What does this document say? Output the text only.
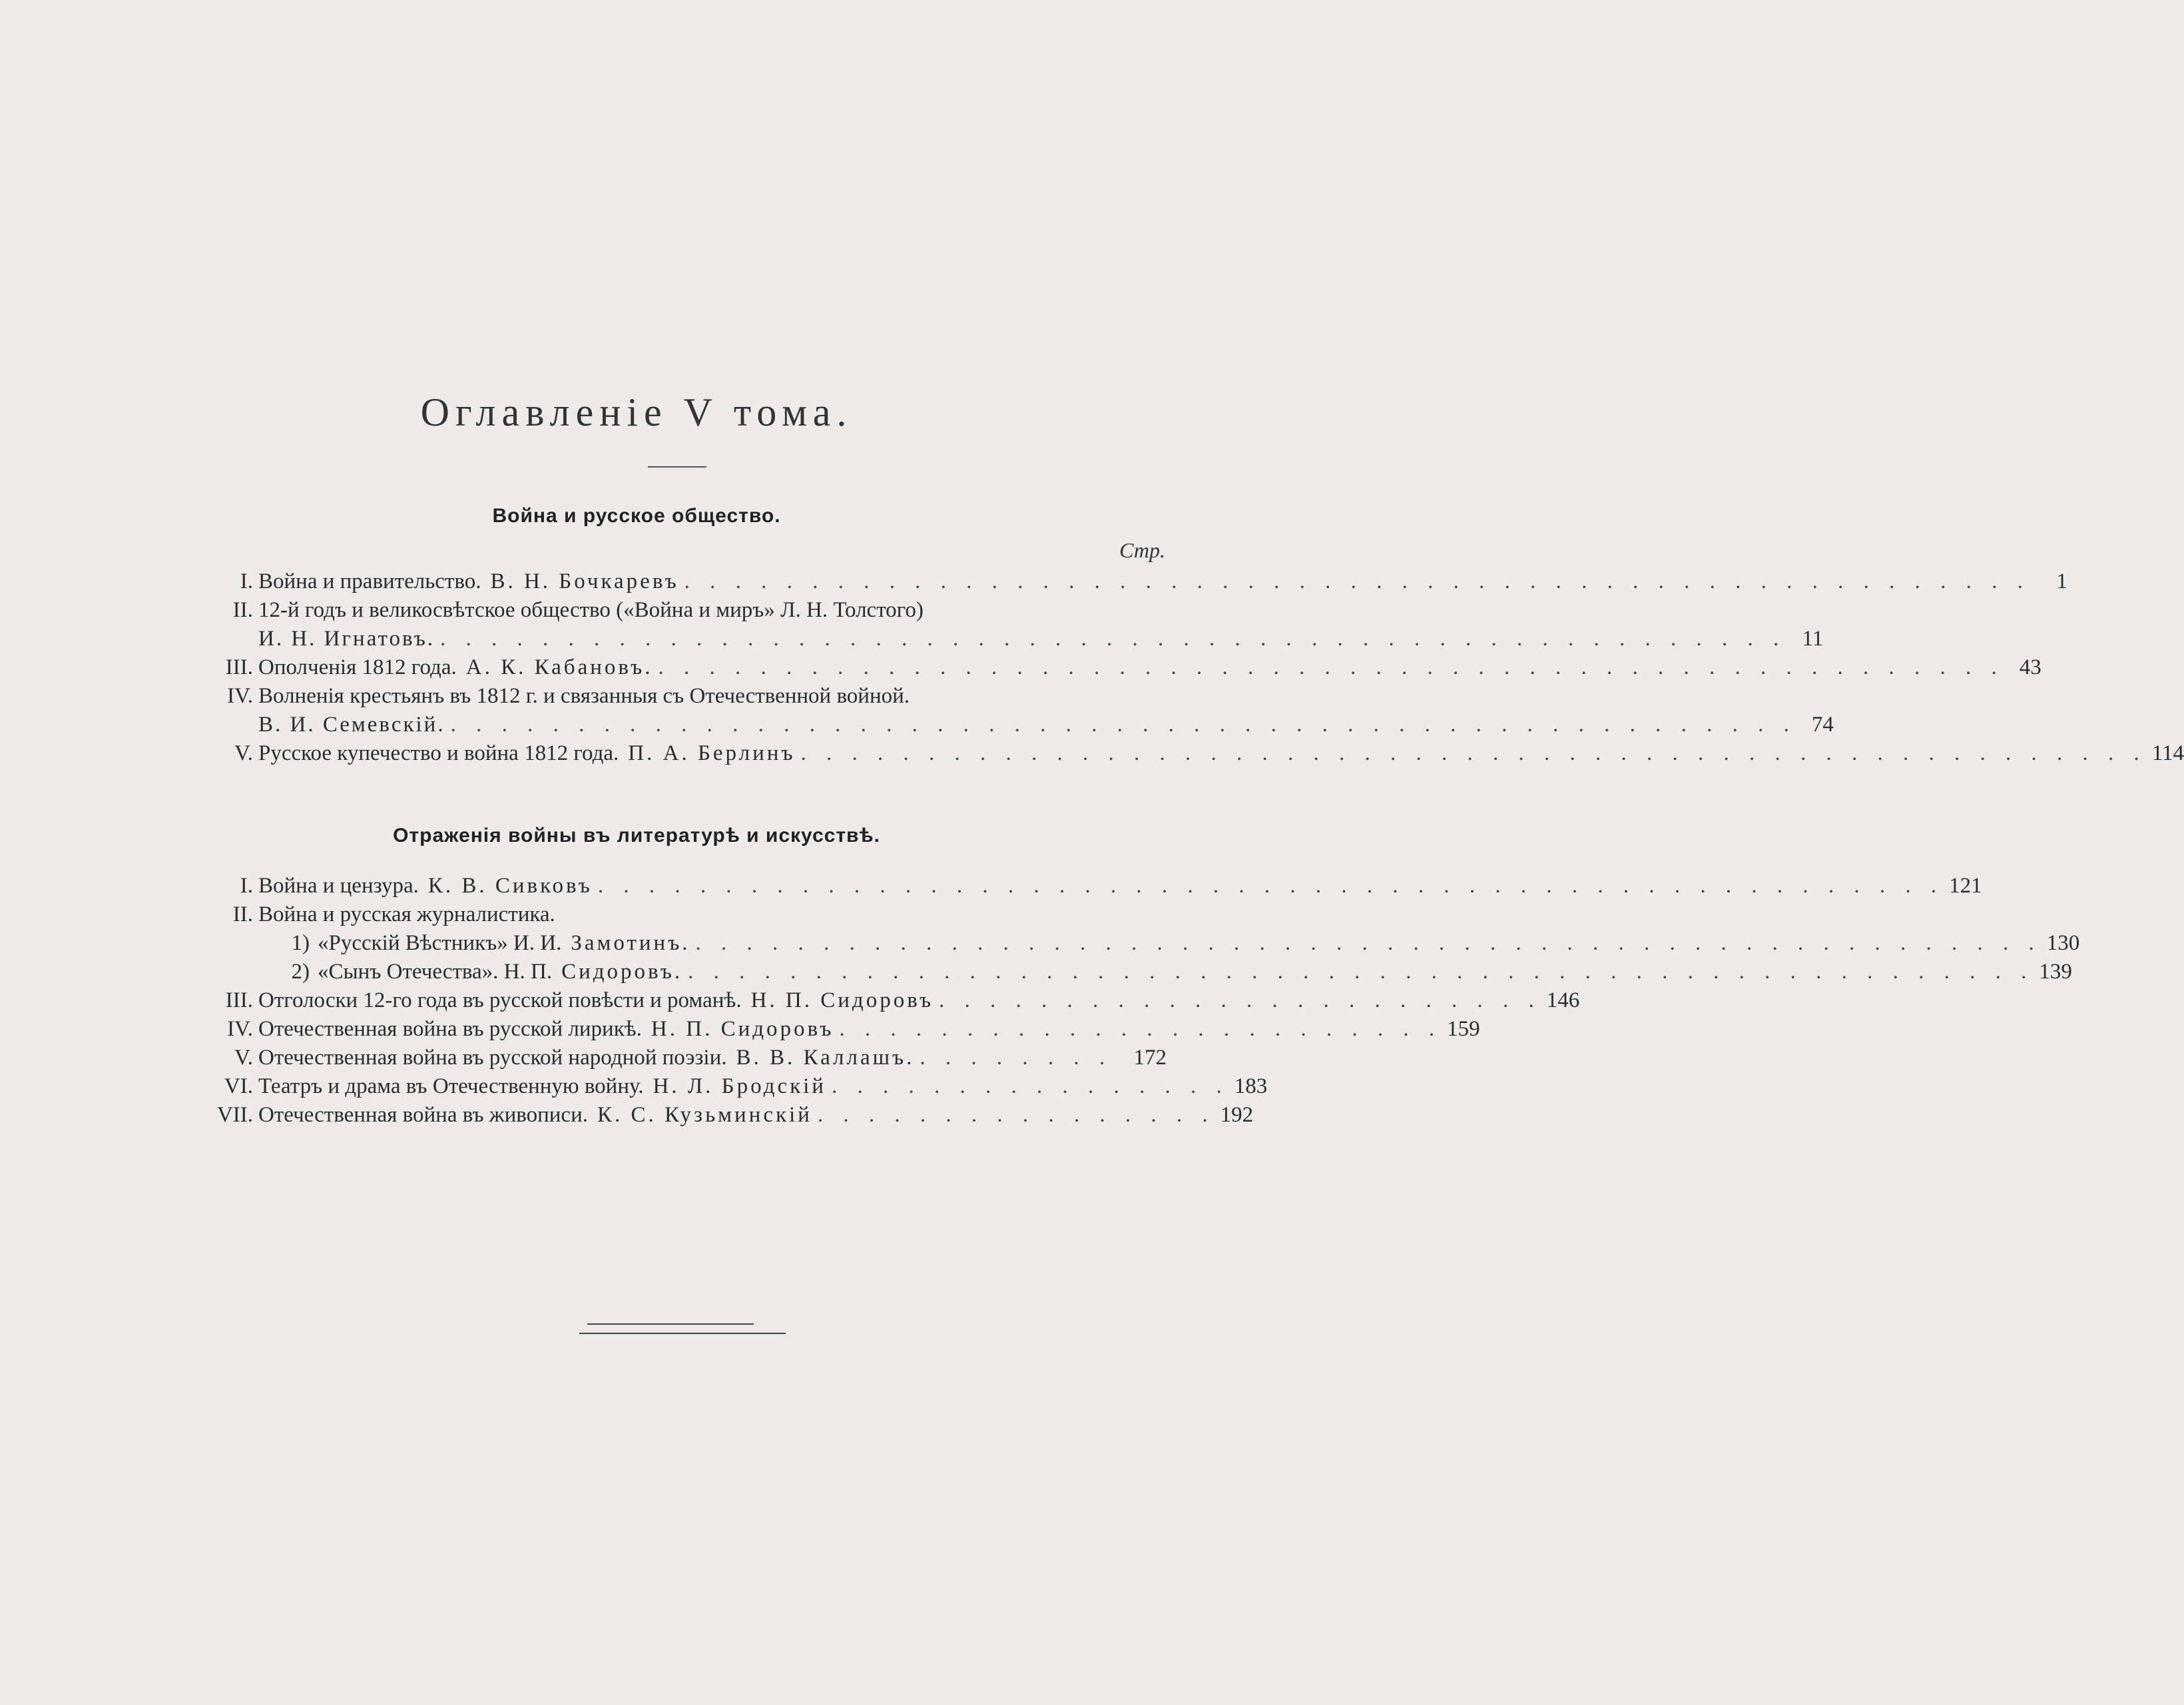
Оглавленіе V тома.
Война и русское общество.
Стр.
I. Война и правительство. В. Н. Бочкаревъ . . . . . . . . . . . . . . . . . . . . . . . . . . . . . . . . . . . . . . . . . . . . . . . . . . . . .	1
II. 12-й годъ и великосвѣтское общество («Война и миръ» Л. Н. Толстого)
И. Н. Игнатовъ. . . . . . . . . . . . . . . . . . . . . . . . . . . . . . . . . . . . . . . . . . . . . . . . . . . . . . 11
III. Ополченія 1812 года. А. К. Кабановъ. . . . . . . . . . . . . . . . . . . . . . . . . . . . . . . . . . . . . . . . . . . . . . . . . . . . . . 43
IV. Волненія крестьянъ въ 1812 г. и связанныя съ Отечественной войной.
В. И. Семевскій. . . . . . . . . . . . . . . . . . . . . . . . . . . . . . . . . . . . . . . . . . . . . . . . . . . . . . 74
V. Русское купечество и война 1812 года. П. А. Берлинъ . . . . . . . . . . . . . . . . . . . . . . . . . . . . . . . . . . . . . . . . . . . . . . . . . . . . . 114
Отраженія войны въ литературѣ и искусствѣ.
I. Война и цензура. К. В. Сивковъ . . . . . . . . . . . . . . . . . . . . . . . . . . . . . . . . . . . . . . . . . . . . . . . . . . . . . 121
II. Война и русская журналистика.
1) «Русскій Вѣстникъ» И. И. Замотинъ. . . . . . . . . . . . . . . . . . . . . . . . . . . . . . . . . . . . . . . . . . . . . . . . . . . . . . 130
2) «Сынъ Отечества». Н. П. Сидоровъ. . . . . . . . . . . . . . . . . . . . . . . . . . . . . . . . . . . . . . . . . . . . . . . . . . . . . . 139
III. Отголоски 12-го года въ русской повѣсти и романѣ. Н. П. Сидоровъ . . . . . . . . . . . . . . . . . . . . . . . . 146
IV. Отечественная война въ русской лирикѣ. Н. П. Сидоровъ . . . . . . . . . . . . . . . . . . . . . . . . 159
V. Отечественная война въ русской народной поэзіи. В. В. Каллашъ. . . . . . . . . 172
VI. Театръ и драма въ Отечественную войну. Н. Л. Бродскій . . . . . . . . . . . . . . . . 183
VII. Отечественная война въ живописи. К. С. Кузьминскій . . . . . . . . . . . . . . . . 192
